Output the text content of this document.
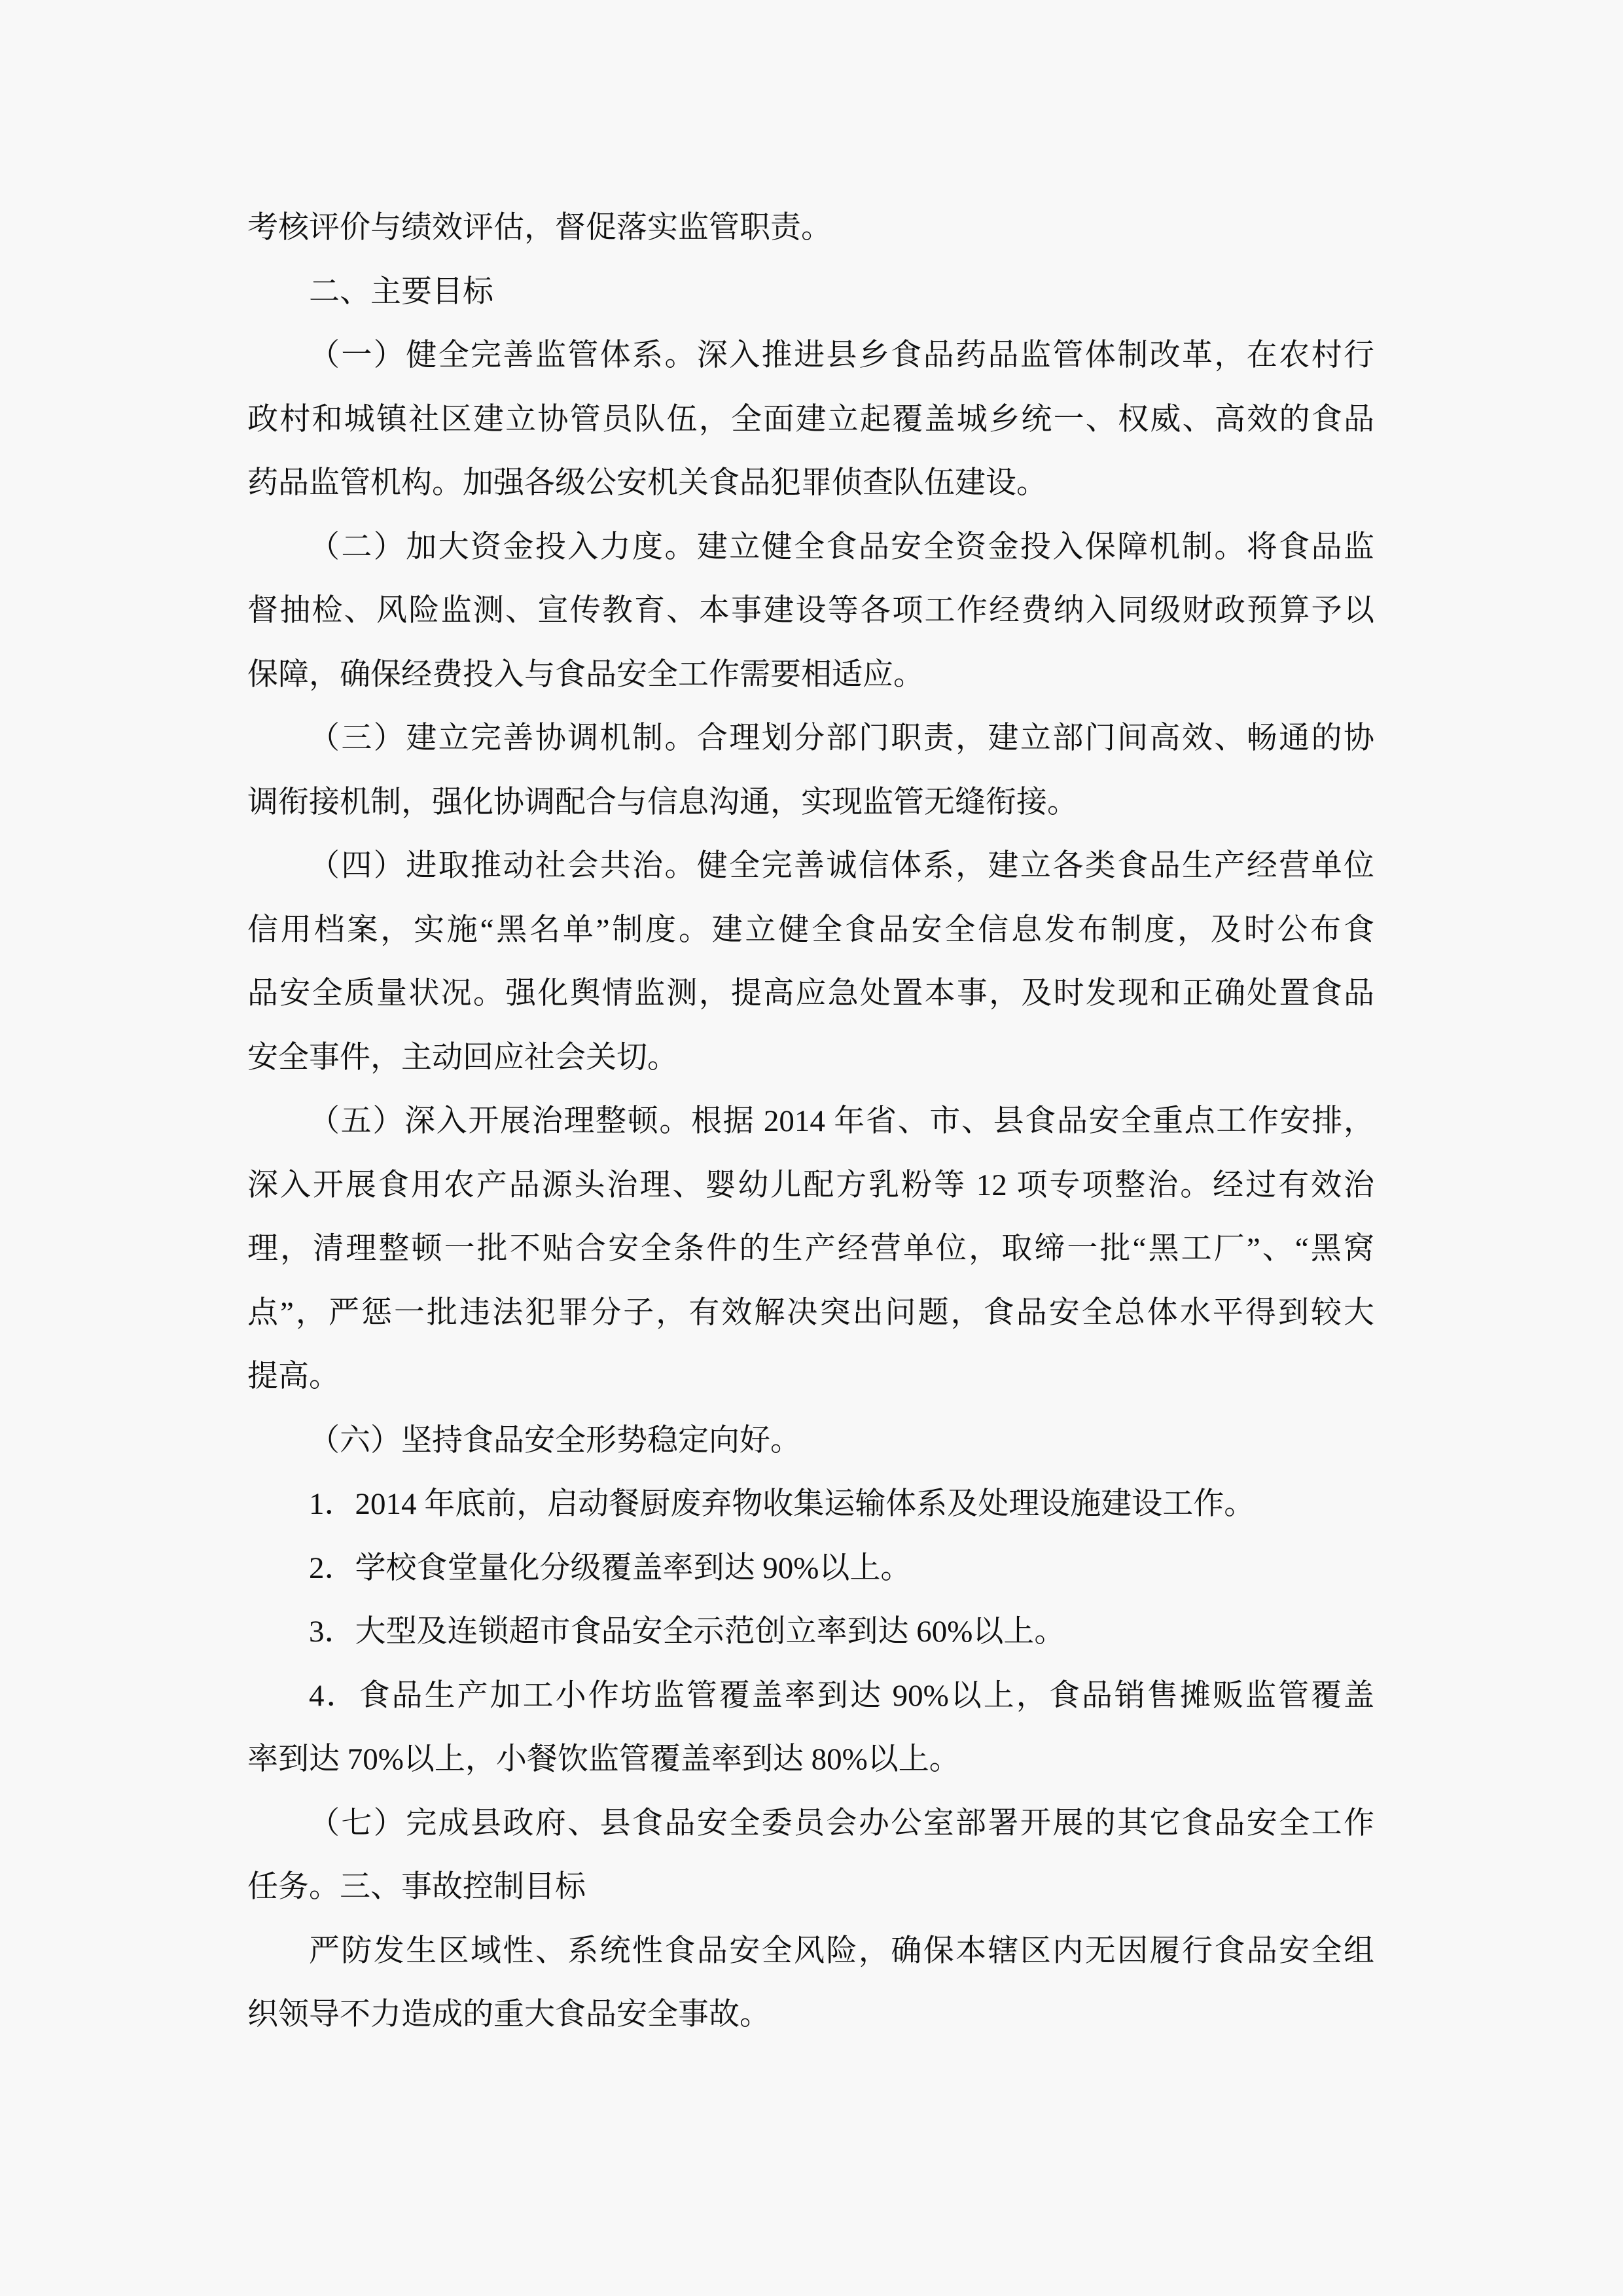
考核评价与绩效评估，督促落实监管职责。
二、主要目标
（一）健全完善监管体系。深入推进县乡食品药品监管体制改革，在农村行
政村和城镇社区建立协管员队伍，全面建立起覆盖城乡统一、权威、高效的食品
药品监管机构。加强各级公安机关食品犯罪侦查队伍建设。
（二）加大资金投入力度。建立健全食品安全资金投入保障机制。将食品监
督抽检、风险监测、宣传教育、本事建设等各项工作经费纳入同级财政预算予以
保障，确保经费投入与食品安全工作需要相适应。
（三）建立完善协调机制。合理划分部门职责，建立部门间高效、畅通的协
调衔接机制，强化协调配合与信息沟通，实现监管无缝衔接。
（四）进取推动社会共治。健全完善诚信体系，建立各类食品生产经营单位
信用档案，实施“黑名单”制度。建立健全食品安全信息发布制度，及时公布食
品安全质量状况。强化舆情监测，提高应急处置本事，及时发现和正确处置食品
安全事件，主动回应社会关切。
（五）深入开展治理整顿。根据 2014 年省、市、县食品安全重点工作安排，
深入开展食用农产品源头治理、婴幼儿配方乳粉等 12 项专项整治。经过有效治
理，清理整顿一批不贴合安全条件的生产经营单位，取缔一批“黑工厂”、“黑窝
点”，严惩一批违法犯罪分子，有效解决突出问题，食品安全总体水平得到较大
提高。
（六）坚持食品安全形势稳定向好。
1．2014 年底前，启动餐厨废弃物收集运输体系及处理设施建设工作。
2．学校食堂量化分级覆盖率到达 90%以上。
3．大型及连锁超市食品安全示范创立率到达 60%以上。
4．食品生产加工小作坊监管覆盖率到达 90%以上，食品销售摊贩监管覆盖
率到达 70%以上，小餐饮监管覆盖率到达 80%以上。
（七）完成县政府、县食品安全委员会办公室部署开展的其它食品安全工作
任务。三、事故控制目标
严防发生区域性、系统性食品安全风险，确保本辖区内无因履行食品安全组
织领导不力造成的重大食品安全事故。
